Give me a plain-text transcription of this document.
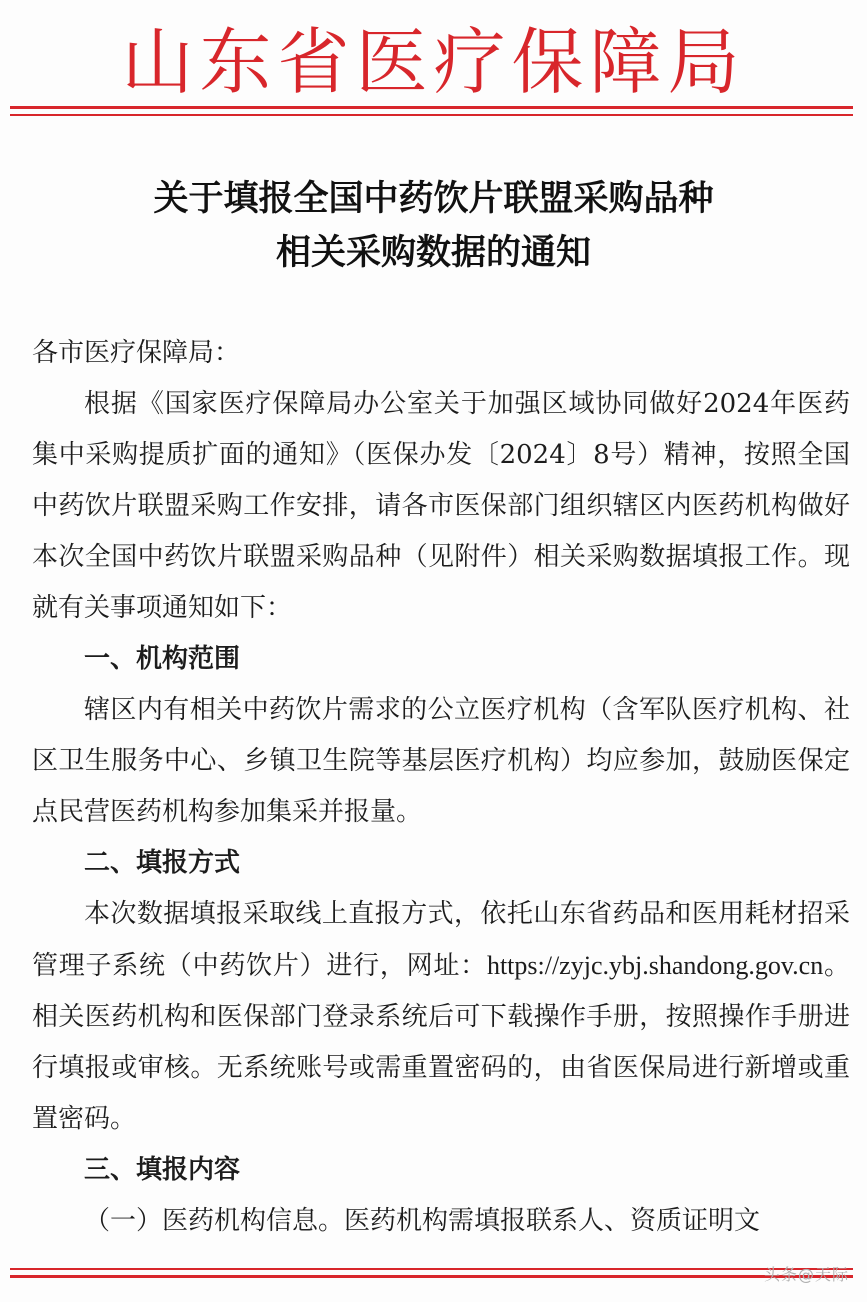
山东省医疗保障局
关于填报全国中药饮片联盟采购品种
相关采购数据的通知

各市医疗保障局：

根据《国家医疗保障局办公室关于加强区域协同做好2024年医药集中采购提质扩面的通知》（医保办发〔2024〕8号）精神，按照全国中药饮片联盟采购工作安排，请各市医保部门组织辖区内医药机构做好本次全国中药饮片联盟采购品种（见附件）相关采购数据填报工作。现就有关事项通知如下：

一、机构范围

辖区内有相关中药饮片需求的公立医疗机构（含军队医疗机构、社区卫生服务中心、乡镇卫生院等基层医疗机构）均应参加，鼓励医保定点民营医药机构参加集采并报量。

二、填报方式

本次数据填报采取线上直报方式，依托山东省药品和医用耗材招采管理子系统（中药饮片）进行，网址：https://zyjc.ybj.shandong.gov.cn。相关医药机构和医保部门登录系统后可下载操作手册，按照操作手册进行填报或审核。无系统账号或需重置密码的，由省医保局进行新增或重置密码。

三、填报内容

（一）医药机构信息。医药机构需填报联系人、资质证明文

头条@天际
